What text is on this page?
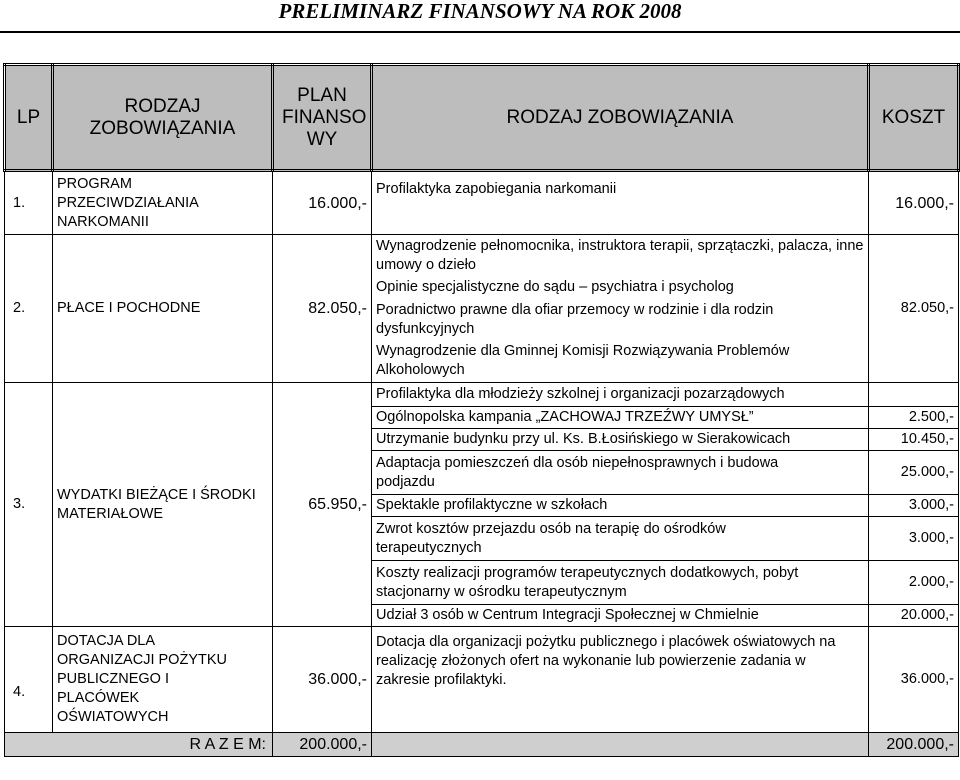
PRELIMINARZ FINANSOWY NA ROK 2008
LP	RODZAJ ZOBOWIĄZANIA	PLAN FINANSO WY	RODZAJ ZOBOWIĄZANIA	KOSZT
1.	PROGRAM PRZECIWDZIAŁANIA NARKOMANII	16.000,-	Profilaktyka zapobiegania narkomanii	16.000,-
2.	PŁACE I POCHODNE	82.050,-	Wynagrodzenie pełnomocnika, instruktora terapii, sprzątaczki, palacza, inne umowy o dzieło	82.050,-
			Opinie specjalistyczne do sądu – psychiatra i psycholog	
			Poradnictwo prawne dla ofiar przemocy w rodzinie i dla rodzin dysfunkcyjnych	
			Wynagrodzenie dla Gminnej Komisji Rozwiązywania Problemów Alkoholowych	
3.	WYDATKI BIEŻĄCE I ŚRODKI MATERIAŁOWE	65.950,-	Profilaktyka dla młodzieży szkolnej i organizacji pozarządowych	
			Ogólnopolska kampania „ZACHOWAJ TRZEŹWY UMYSŁ”	2.500,-
			Utrzymanie budynku przy ul. Ks. B.Łosińskiego w Sierakowicach	10.450,-
			Adaptacja pomieszczeń dla osób niepełnosprawnych i budowa podjazdu	25.000,-
			Spektakle profilaktyczne w szkołach	3.000,-
			Zwrot kosztów przejazdu osób na terapię do ośrodków terapeutycznych	3.000,-
			Koszty realizacji programów terapeutycznych dodatkowych, pobyt stacjonarny w ośrodku terapeutycznym	2.000,-
			Udział 3 osób w Centrum Integracji Społecznej w Chmielnie	20.000,-
4.	DOTACJA DLA ORGANIZACJI POŻYTKU PUBLICZNEGO I PLACÓWEK OŚWIATOWYCH	36.000,-	Dotacja dla organizacji pożytku publicznego i placówek oświatowych na realizację złożonych ofert na wykonanie lub powierzenie zadania w zakresie profilaktyki.	36.000,-
R A Z E M:		200.000,-		200.000,-
